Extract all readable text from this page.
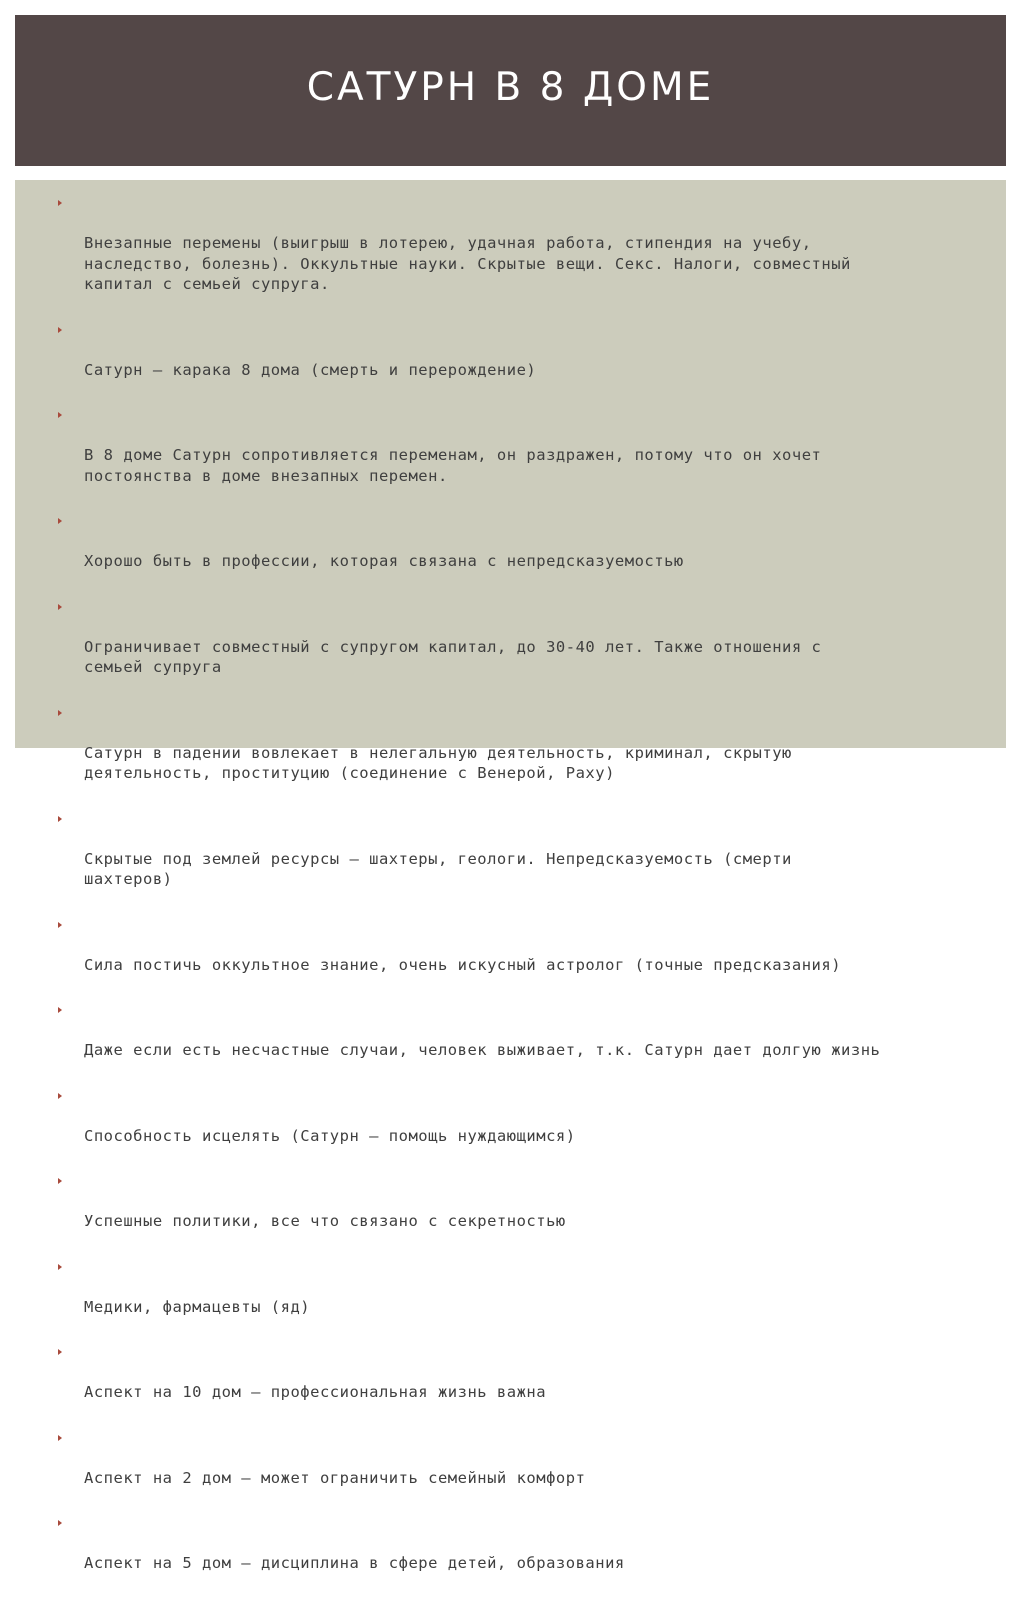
САТУРН В 8 ДОМЕ

Внезапные перемены (выигрыш в лотерею, удачная работа, стипендия на учебу,
наследство, болезнь). Оккультные науки. Скрытые вещи. Секс. Налоги, совместный
капитал с семьей супруга.

Сатурн – карака 8 дома (смерть и перерождение)

В 8 доме Сатурн сопротивляется переменам, он раздражен, потому что он хочет
постоянства в доме внезапных перемен.

Хорошо быть в профессии, которая связана с непредсказуемостью

Ограничивает совместный с супругом капитал, до 30-40 лет. Также отношения с
семьей супруга

Сатурн в падении вовлекает в нелегальную деятельность, криминал, скрытую
деятельность, проституцию (соединение с Венерой, Раху)

Скрытые под землей ресурсы – шахтеры, геологи. Непредсказуемость (смерти
шахтеров)

Сила постичь оккультное знание, очень искусный астролог (точные предсказания)

Даже если есть несчастные случаи, человек выживает, т.к. Сатурн дает долгую жизнь

Способность исцелять (Сатурн – помощь нуждающимся)

Успешные политики, все что связано с секретностью

Медики, фармацевты (яд)

Аспект на 10 дом – профессиональная жизнь важна

Аспект на 2 дом – может ограничить семейный комфорт

Аспект на 5 дом – дисциплина в сфере детей, образования
